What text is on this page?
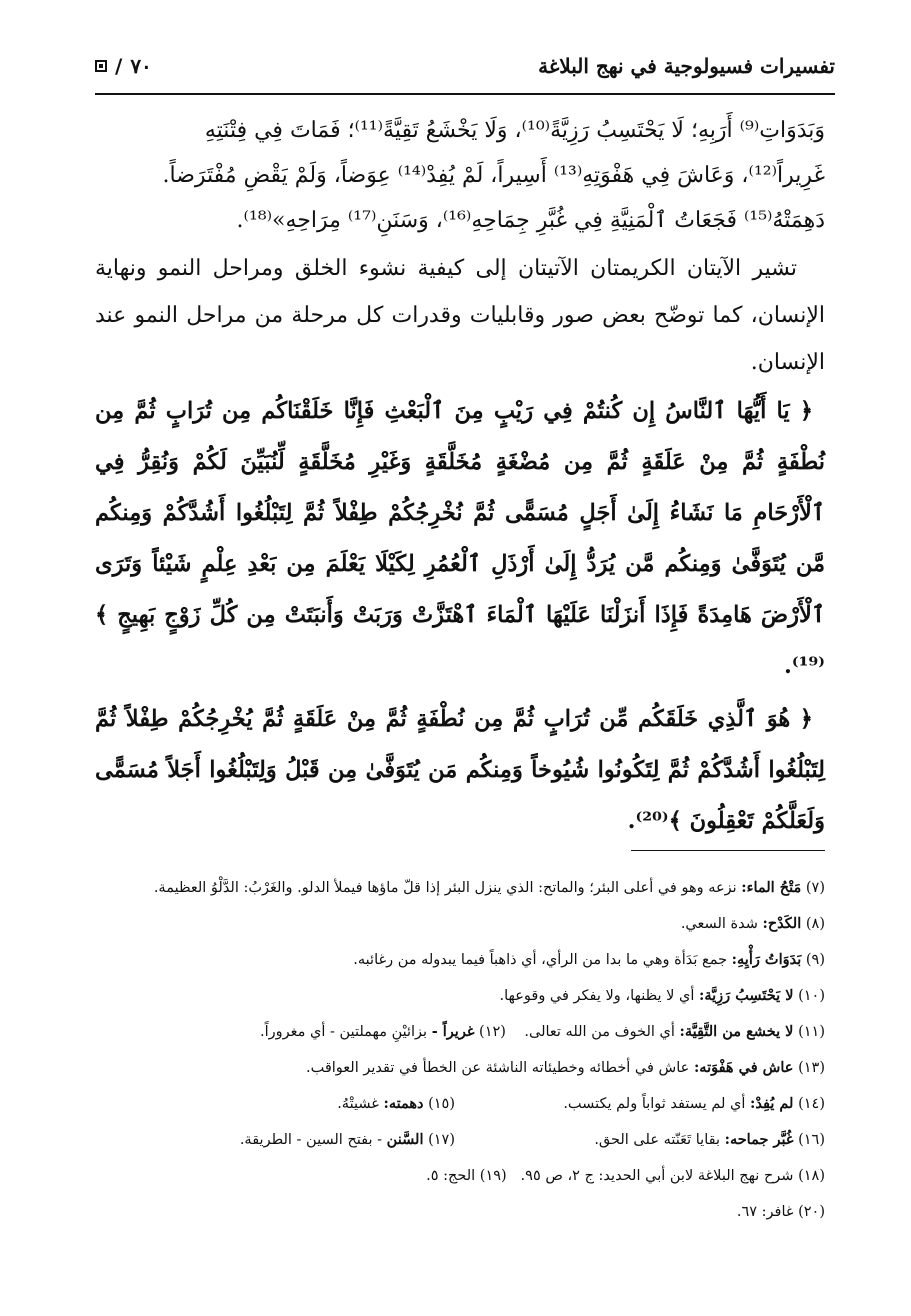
تفسيرات فسيولوجية في نهج البلاغة
٧٠
/

وَبَدَوَاتِ⁽⁹⁾ أَرَبِهِ؛ لَا يَحْتَسِبُ رَزِيَّةً⁽¹⁰⁾، وَلَا يَخْشَعُ تَقِيَّةً⁽¹¹⁾؛ فَمَاتَ فِي فِتْنَتِهِ

غَرِيراً⁽¹²⁾، وَعَاشَ فِي هَفْوَتِهِ⁽¹³⁾ أَسِيراً، لَمْ يُفِدْ⁽¹⁴⁾ عِوَضاً، وَلَمْ يَقْضِ مُفْتَرَضاً.

دَهِمَتْهُ⁽¹⁵⁾ فَجَعَاتُ ٱلْمَنِيَّةِ فِي غُبَّرِ جِمَاحِهِ⁽¹⁶⁾، وَسَنَنِ⁽¹⁷⁾ مِرَاحِهِ»⁽¹⁸⁾.

تشير الآيتان الكريمتان الآتيتان إلى كيفية نشوء الخلق ومراحل النمو ونهاية الإنسان، كما توضّح بعض صور وقابليات وقدرات كل مرحلة من مراحل النمو عند الإنسان.

﴿ يَا أَيُّهَا ٱلنَّاسُ إِن كُنتُمْ فِي رَيْبٍ مِنَ ٱلْبَعْثِ فَإِنَّا خَلَقْنَاكُم مِن تُرَابٍ ثُمَّ مِن نُطْفَةٍ ثُمَّ مِنْ عَلَقَةٍ ثُمَّ مِن مُضْغَةٍ مُخَلَّقَةٍ وَغَيْرِ مُخَلَّقَةٍ لِّنُبَيِّنَ لَكُمْ وَنُقِرُّ فِي ٱلْأَرْحَامِ مَا نَشَاءُ إِلَىٰ أَجَلٍ مُسَمًّى ثُمَّ نُخْرِجُكُمْ طِفْلاً ثُمَّ لِتَبْلُغُوا أَشُدَّكُمْ وَمِنكُم مَّن يُتَوَفَّىٰ وَمِنكُم مَّن يُرَدُّ إِلَىٰ أَرْذَلِ ٱلْعُمُرِ لِكَيْلَا يَعْلَمَ مِن بَعْدِ عِلْمٍ شَيْئاً وَتَرَى ٱلْأَرْضَ هَامِدَةً فَإِذَا أَنزَلْنَا عَلَيْهَا ٱلْمَاءَ ٱهْتَزَّتْ وَرَبَتْ وَأَنبَتَتْ مِن كُلِّ زَوْجٍ بَهِيجٍ ﴾⁽¹⁹⁾.

﴿ هُوَ ٱلَّذِي خَلَقَكُم مِّن تُرَابٍ ثُمَّ مِن نُطْفَةٍ ثُمَّ مِنْ عَلَقَةٍ ثُمَّ يُخْرِجُكُمْ طِفْلاً ثُمَّ لِتَبْلُغُوا أَشُدَّكُمْ ثُمَّ لِتَكُونُوا شُيُوخاً وَمِنكُم مَن يُتَوَفَّىٰ مِن قَبْلُ وَلِتَبْلُغُوا أَجَلاً مُسَمًّى وَلَعَلَّكُمْ تَعْقِلُونَ ﴾⁽²⁰⁾.

(٧) مَتْحُ الماء: نزعه وهو في أعلى البئر؛ والماتح: الذي ينزل البئر إذا قلّ ماؤها فيملأ الدلو. والغَرْبُ: الدَّلْوُ العظيمة.
(٨) الكَدْح: شدة السعي.
(٩) بَدَوَاتُ رَأْيِهِ: جمع بَدَأة وهي ما بدا من الرأي، أي ذاهباً فيما يبدوله من رغائبه.
(١٠) لا يَحْتَسِبُ رَزِيَّة: أي لا يظنها، ولا يفكر في وقوعها.
(١١) لا يخشع من التَّقِيَّة: أي الخوف من الله تعالى.    (١٢) غريراً - بزائيْنِ مهملتين - أي مغروراً.
(١٣) عاش في هَفْوَته: عاش في أخطائه وخطيئاته الناشئة عن الخطأ في تقدير العواقب.
(١٤) لم يُفِدْ: أي لم يستفد ثواباً ولم يكتسب.
(١٥) دهمته: غشيتْهُ.
(١٦) غُبَّر جماحه: بقايا تَعَنّته على الحق.
(١٧) السَّنن - بفتح السين - الطريقة.
(١٨) شرح نهج البلاغة لابن أبي الحديد: ج ٢، ص ٩٥.   (١٩) الحج: ٥.
(٢٠) غافر: ٦٧.
